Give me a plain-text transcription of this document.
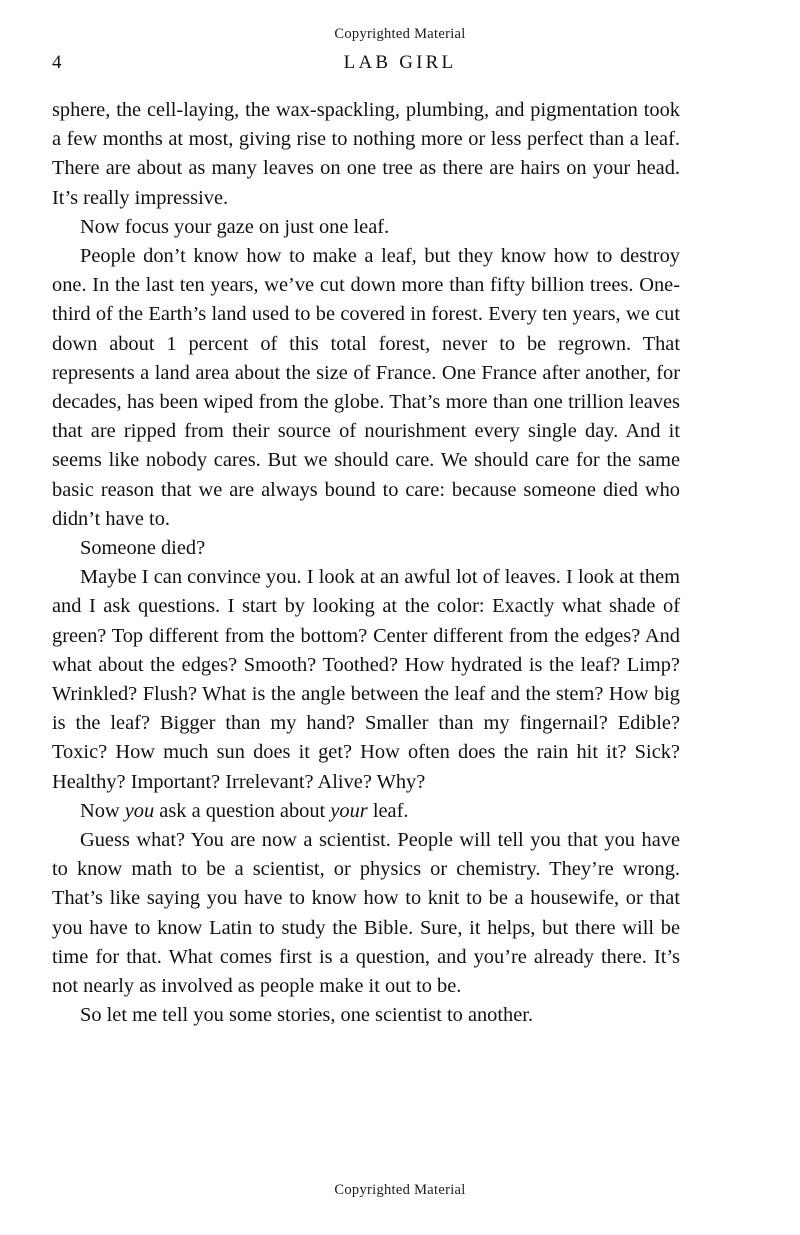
Copyrighted Material
4	LAB GIRL

sphere, the cell-laying, the wax-spackling, plumbing, and pigmentation took a few months at most, giving rise to nothing more or less perfect than a leaf. There are about as many leaves on one tree as there are hairs on your head. It’s really impressive.

Now focus your gaze on just one leaf.

People don’t know how to make a leaf, but they know how to destroy one. In the last ten years, we’ve cut down more than fifty billion trees. One-third of the Earth’s land used to be covered in forest. Every ten years, we cut down about 1 percent of this total forest, never to be regrown. That represents a land area about the size of France. One France after another, for decades, has been wiped from the globe. That’s more than one trillion leaves that are ripped from their source of nourishment every single day. And it seems like nobody cares. But we should care. We should care for the same basic reason that we are always bound to care: because someone died who didn’t have to.

Someone died?

Maybe I can convince you. I look at an awful lot of leaves. I look at them and I ask questions. I start by looking at the color: Exactly what shade of green? Top different from the bottom? Center different from the edges? And what about the edges? Smooth? Toothed? How hydrated is the leaf? Limp? Wrinkled? Flush? What is the angle between the leaf and the stem? How big is the leaf? Bigger than my hand? Smaller than my fingernail? Edible? Toxic? How much sun does it get? How often does the rain hit it? Sick? Healthy? Important? Irrelevant? Alive? Why?

Now you ask a question about your leaf.

Guess what? You are now a scientist. People will tell you that you have to know math to be a scientist, or physics or chemistry. They’re wrong. That’s like saying you have to know how to knit to be a housewife, or that you have to know Latin to study the Bible. Sure, it helps, but there will be time for that. What comes first is a question, and you’re already there. It’s not nearly as involved as people make it out to be.

So let me tell you some stories, one scientist to another.

Copyrighted Material
